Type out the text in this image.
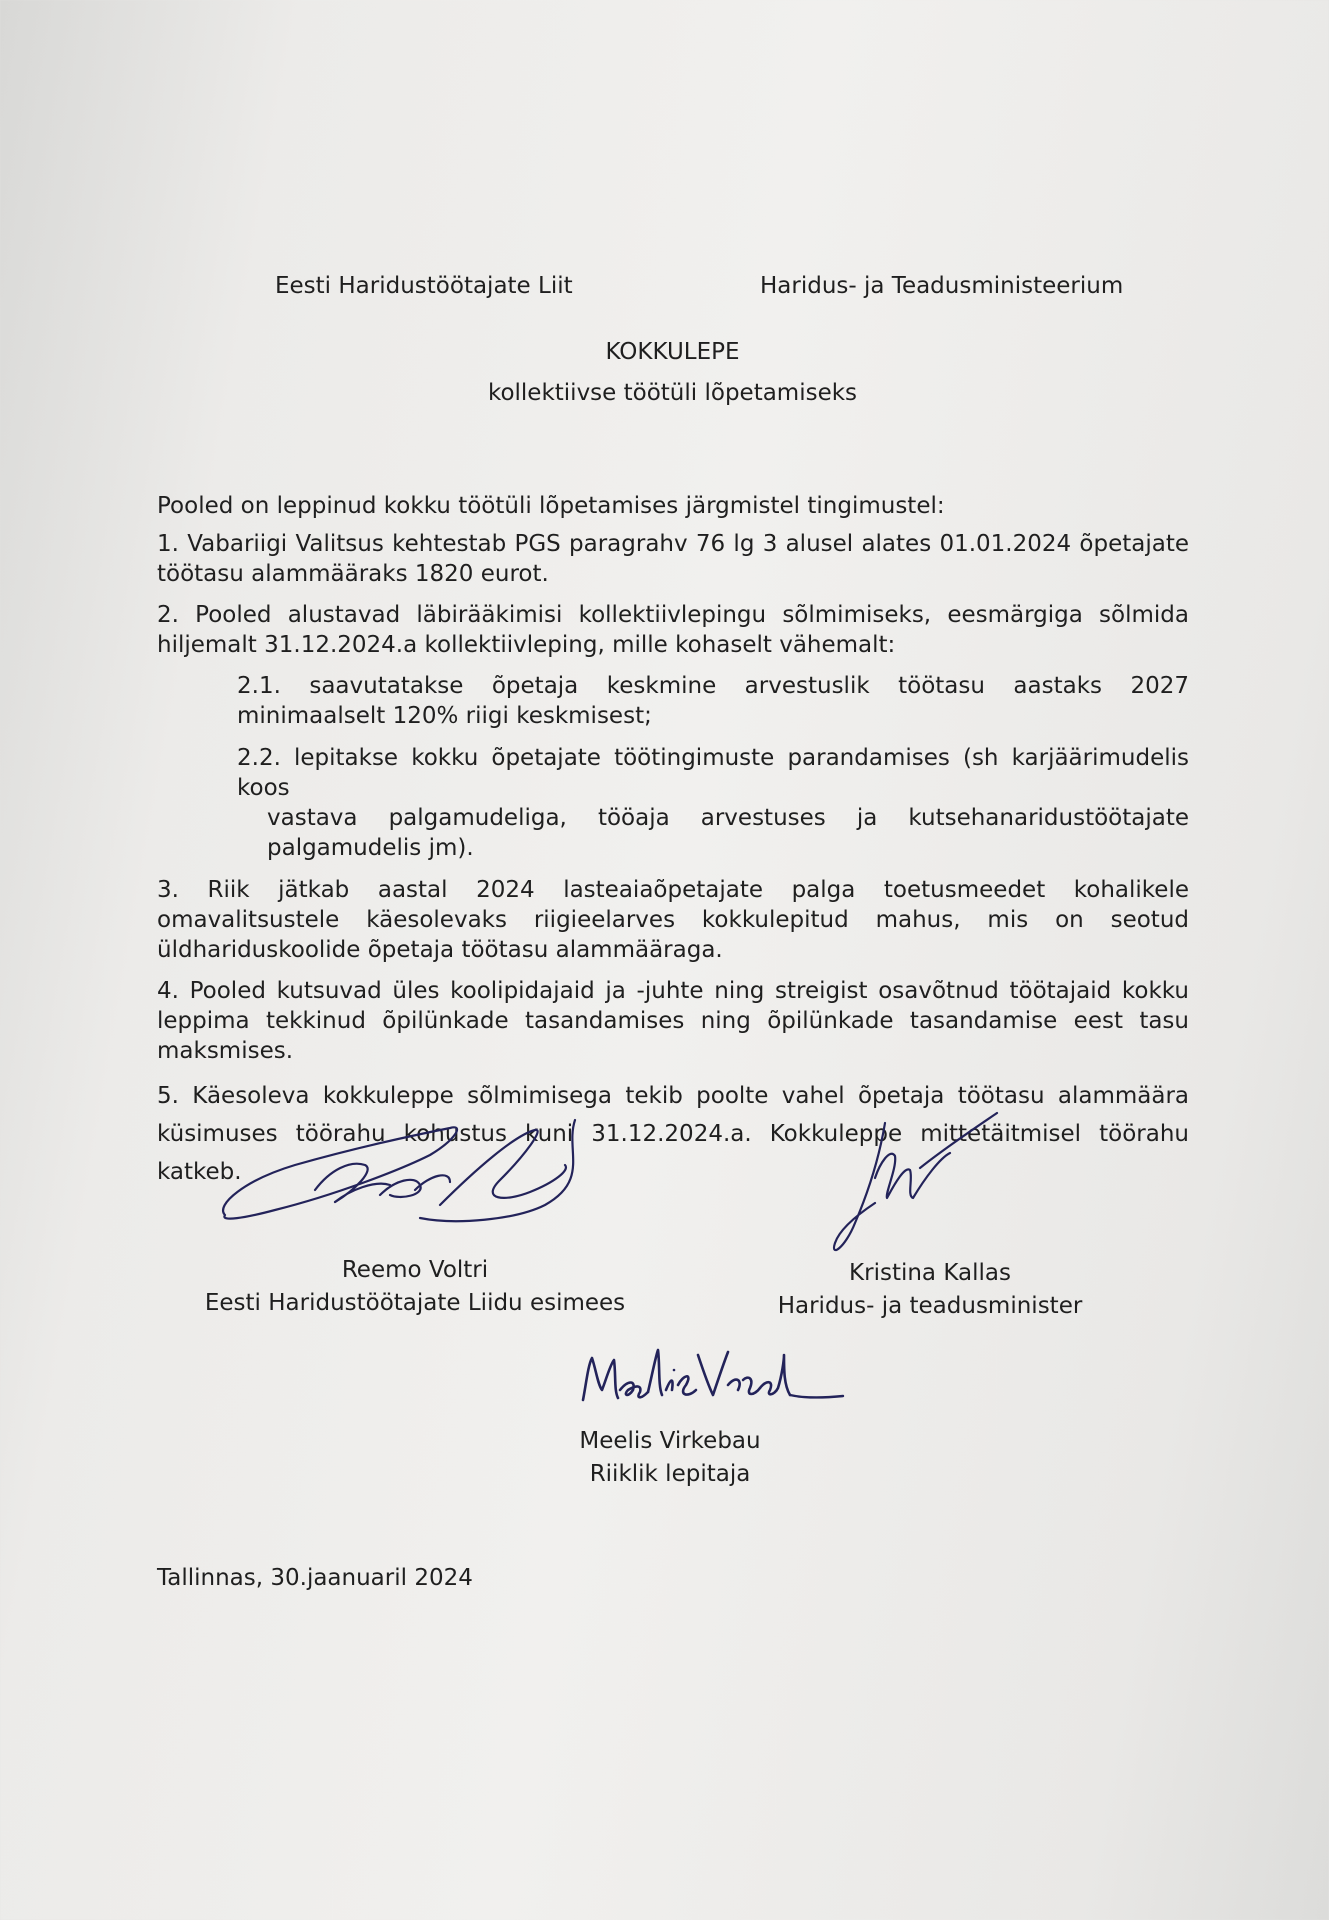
Eesti Haridustöötajate Liit	Haridus- ja Teadusministeerium
KOKKULEPE
kollektiivse töötüli lõpetamiseks

Pooled on leppinud kokku töötüli lõpetamises järgmistel tingimustel:

1. Vabariigi Valitsus kehtestab PGS paragrahv 76 lg 3 alusel alates 01.01.2024 õpetajate töötasu alammääraks 1820 eurot.

2. Pooled alustavad läbirääkimisi kollektiivlepingu sõlmimiseks, eesmärgiga sõlmida hiljemalt 31.12.2024.a kollektiivleping, mille kohaselt vähemalt:

2.1. saavutatakse õpetaja keskmine arvestuslik töötasu aastaks 2027 minimaalselt 120% riigi keskmisest;

2.2. lepitakse kokku õpetajate töötingimuste parandamises (sh karjäärimudelis koos
vastava palgamudeliga, tööaja arvestuses ja kutsehanaridustöötajate palgamudelis jm).

3. Riik jätkab aastal 2024 lasteaiaõpetajate palga toetusmeedet kohalikele omavalitsustele käesolevaks riigieelarves kokkulepitud mahus, mis on seotud üldhariduskoolide õpetaja töötasu alammääraga.

4. Pooled kutsuvad üles koolipidajaid ja -juhte ning streigist osavõtnud töötajaid kokku leppima tekkinud õpilünkade tasandamises ning õpilünkade tasandamise eest tasu maksmises.

5. Käesoleva kokkuleppe sõlmimisega tekib poolte vahel õpetaja töötasu alammäära küsimuses töörahu kohustus kuni 31.12.2024.a. Kokkuleppe mittetäitmisel töörahu katkeb.

Reemo Voltri
Eesti Haridustöötajate Liidu esimees
Kristina Kallas
Haridus- ja teadusminister
Meelis Virkebau
Riiklik lepitaja
Tallinnas, 30.jaanuaril 2024
